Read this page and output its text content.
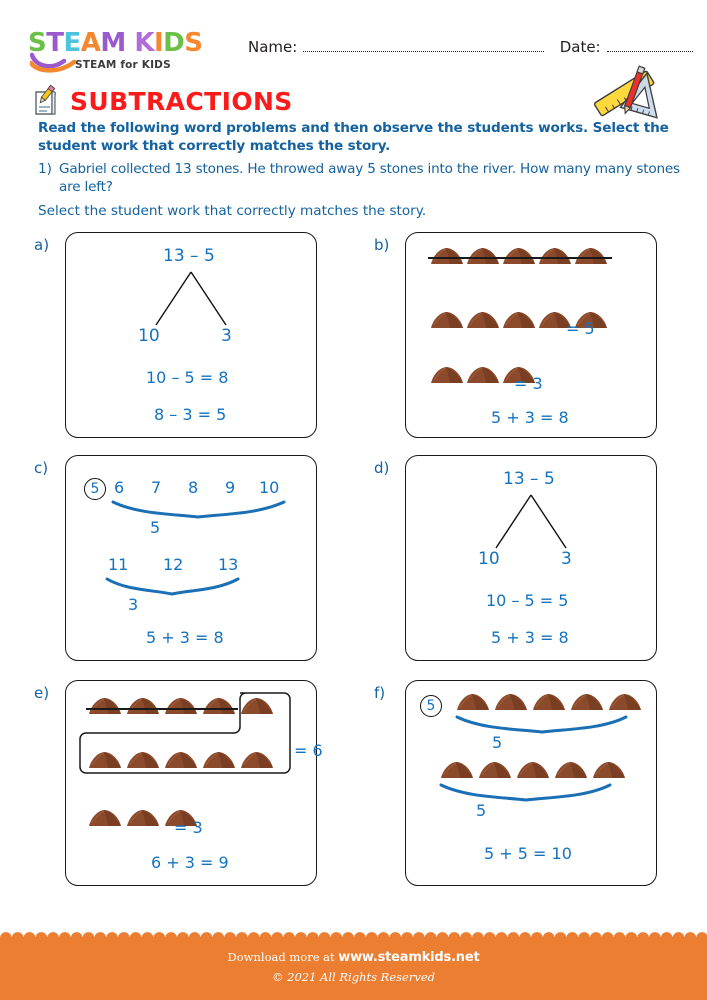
STEAM KIDS
STEAM for KIDS
Name:	Date:
SUBTRACTIONS
Read the following word problems and then observe the students works. Select the student work that correctly matches the story.
1) Gabriel collected 13 stones. He throwed away 5 stones into the river. How many many stones are left?
Select the student work that correctly matches the story.
a)
13 – 5
10	3
10 – 5 = 8
8 – 3 = 5
b)
= 5
= 3
5 + 3 = 8
c)
5 6 7 8 9 10
5
11 12 13
3
5 + 3 = 8
d)
13 – 5
10	3
10 – 5 = 5
5 + 3 = 8
e)
= 6
= 3
6 + 3 = 9
f)
5
5
5
5 + 5 = 10
Download more at www.steamkids.net
© 2021 All Rights Reserved
